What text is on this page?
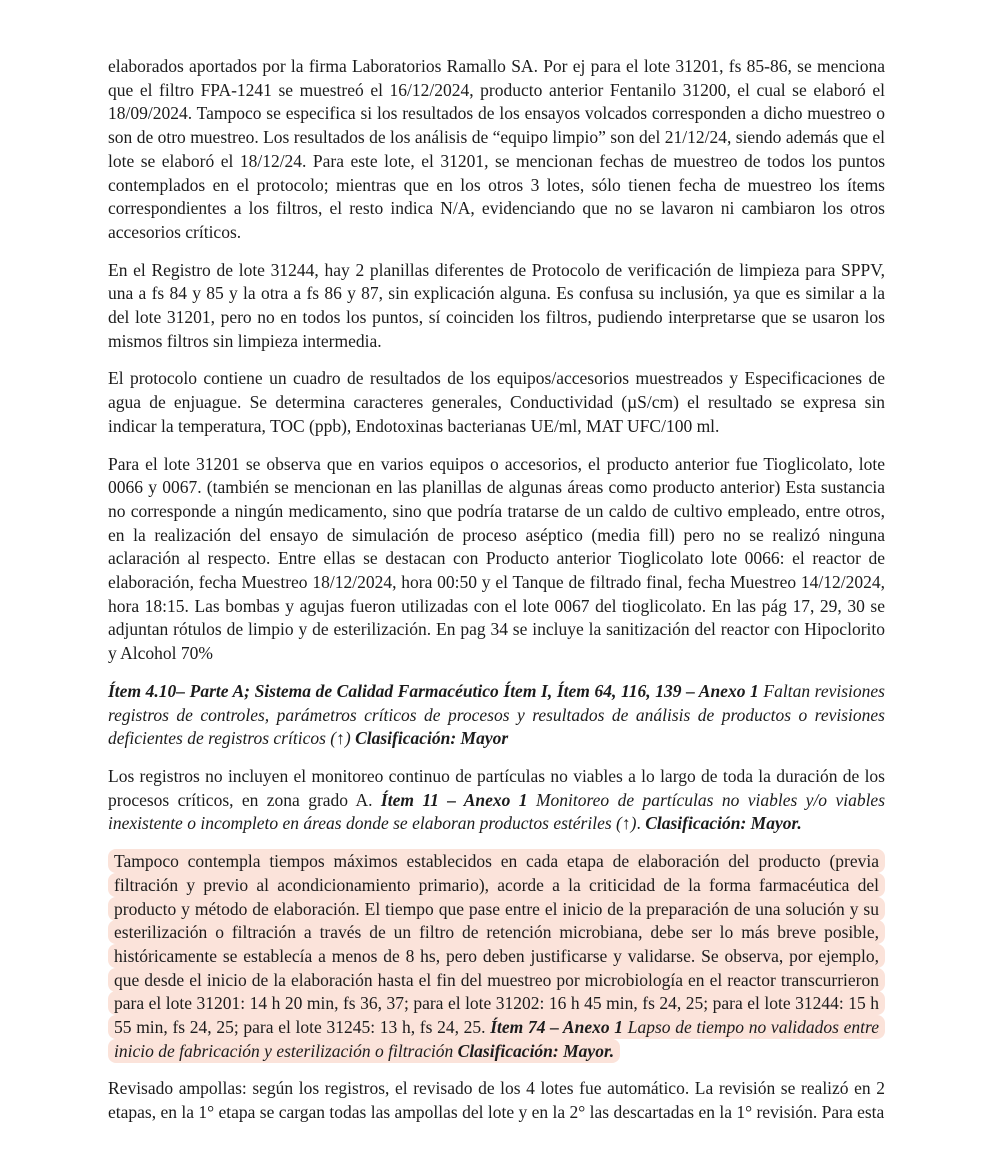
elaborados aportados por la firma Laboratorios Ramallo SA. Por ej para el lote 31201, fs 85-86, se menciona que el filtro FPA-1241 se muestreó el 16/12/2024, producto anterior Fentanilo 31200, el cual se elaboró el 18/09/2024. Tampoco se especifica si los resultados de los ensayos volcados corresponden a dicho muestreo o son de otro muestreo. Los resultados de los análisis de “equipo limpio” son del 21/12/24, siendo además que el lote se elaboró el 18/12/24. Para este lote, el 31201, se mencionan fechas de muestreo de todos los puntos contemplados en el protocolo; mientras que en los otros 3 lotes, sólo tienen fecha de muestreo los ítems correspondientes a los filtros, el resto indica N/A, evidenciando que no se lavaron ni cambiaron los otros accesorios críticos.

En el Registro de lote 31244, hay 2 planillas diferentes de Protocolo de verificación de limpieza para SPPV, una a fs 84 y 85 y la otra a fs 86 y 87, sin explicación alguna. Es confusa su inclusión, ya que es similar a la del lote 31201, pero no en todos los puntos, sí coinciden los filtros, pudiendo interpretarse que se usaron los mismos filtros sin limpieza intermedia.

El protocolo contiene un cuadro de resultados de los equipos/accesorios muestreados y Especificaciones de agua de enjuague. Se determina caracteres generales, Conductividad (µS/cm) el resultado se expresa sin indicar la temperatura, TOC (ppb), Endotoxinas bacterianas UE/ml, MAT UFC/100 ml.

Para el lote 31201 se observa que en varios equipos o accesorios, el producto anterior fue Tioglicolato, lote 0066 y 0067. (también se mencionan en las planillas de algunas áreas como producto anterior) Esta sustancia no corresponde a ningún medicamento, sino que podría tratarse de un caldo de cultivo empleado, entre otros, en la realización del ensayo de simulación de proceso aséptico (media fill) pero no se realizó ninguna aclaración al respecto. Entre ellas se destacan con Producto anterior Tioglicolato lote 0066: el reactor de elaboración, fecha Muestreo 18/12/2024, hora 00:50 y el Tanque de filtrado final, fecha Muestreo 14/12/2024, hora 18:15. Las bombas y agujas fueron utilizadas con el lote 0067 del tioglicolato. En las pág 17, 29, 30 se adjuntan rótulos de limpio y de esterilización. En pag 34 se incluye la sanitización del reactor con Hipoclorito y Alcohol 70%

Ítem 4.10– Parte A; Sistema de Calidad Farmacéutico Ítem I, Ítem 64, 116, 139 – Anexo 1 Faltan revisiones registros de controles, parámetros críticos de procesos y resultados de análisis de productos o revisiones deficientes de registros críticos (↑) Clasificación: Mayor

Los registros no incluyen el monitoreo continuo de partículas no viables a lo largo de toda la duración de los procesos críticos, en zona grado A. Ítem 11 – Anexo 1 Monitoreo de partículas no viables y/o viables inexistente o incompleto en áreas donde se elaboran productos estériles (↑). Clasificación: Mayor.

Tampoco contempla tiempos máximos establecidos en cada etapa de elaboración del producto (previa filtración y previo al acondicionamiento primario), acorde a la criticidad de la forma farmacéutica del producto y método de elaboración. El tiempo que pase entre el inicio de la preparación de una solución y su esterilización o filtración a través de un filtro de retención microbiana, debe ser lo más breve posible, históricamente se establecía a menos de 8 hs, pero deben justificarse y validarse. Se observa, por ejemplo, que desde el inicio de la elaboración hasta el fin del muestreo por microbiología en el reactor transcurrieron para el lote 31201: 14 h 20 min, fs 36, 37; para el lote 31202: 16 h 45 min, fs 24, 25; para el lote 31244: 15 h 55 min, fs 24, 25; para el lote 31245: 13 h, fs 24, 25. Ítem 74 – Anexo 1 Lapso de tiempo no validados entre inicio de fabricación y esterilización o filtración Clasificación: Mayor.

Revisado ampollas: según los registros, el revisado de los 4 lotes fue automático. La revisión se realizó en 2 etapas, en la 1° etapa se cargan todas las ampollas del lote y en la 2° las descartadas en la 1° revisión. Para esta
